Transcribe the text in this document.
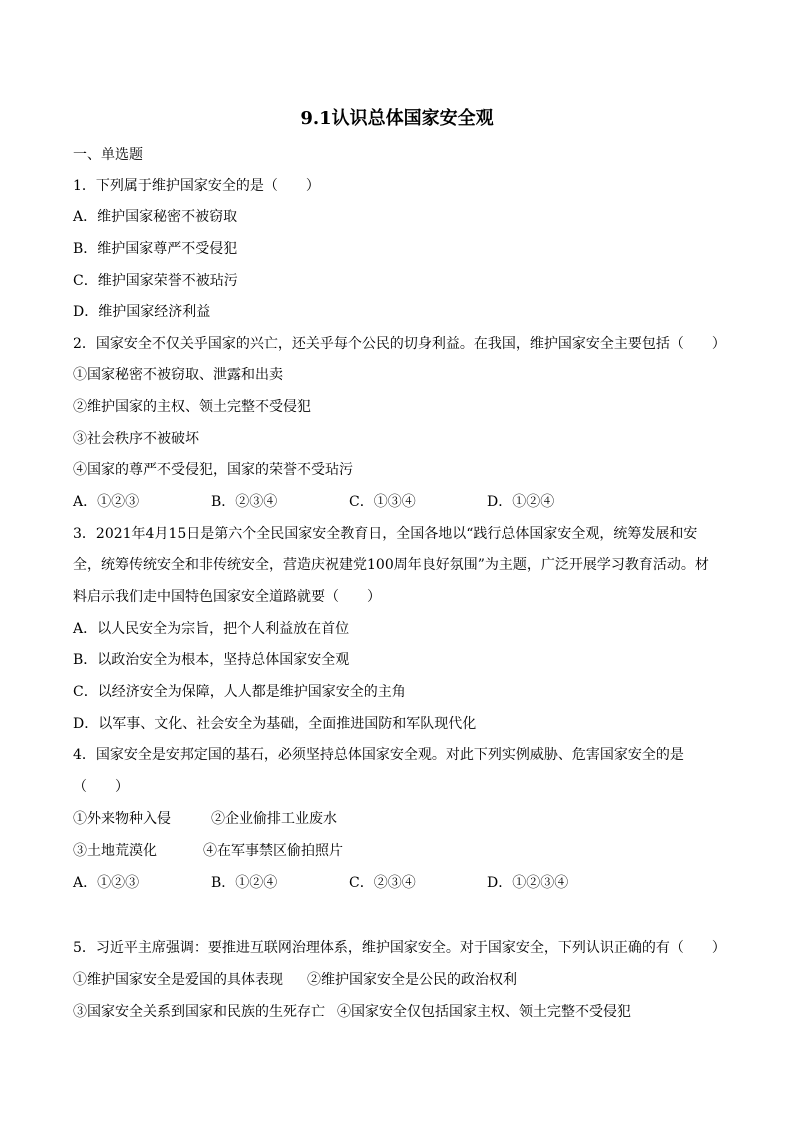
9.1认识总体国家安全观
一、单选题
1．下列属于维护国家安全的是（　　）
A．维护国家秘密不被窃取
B．维护国家尊严不受侵犯
C．维护国家荣誉不被玷污
D．维护国家经济利益
2．国家安全不仅关乎国家的兴亡，还关乎每个公民的切身利益。在我国，维护国家安全主要包括（　　）
①国家秘密不被窃取、泄露和出卖
②维护国家的主权、领土完整不受侵犯
③社会秩序不被破坏
④国家的尊严不受侵犯，国家的荣誉不受玷污
A．①②③	B．②③④	C．①③④	D．①②④
3．2021年4月15日是第六个全民国家安全教育日，全国各地以“践行总体国家安全观，统筹发展和安
全，统筹传统安全和非传统安全，营造庆祝建党100周年良好氛围”为主题，广泛开展学习教育活动。材
料启示我们走中国特色国家安全道路就要（　　）
A．以人民安全为宗旨，把个人利益放在首位
B．以政治安全为根本，坚持总体国家安全观
C．以经济安全为保障，人人都是维护国家安全的主角
D．以军事、文化、社会安全为基础，全面推进国防和军队现代化
4．国家安全是安邦定国的基石，必须坚持总体国家安全观。对此下列实例威胁、危害国家安全的是
（　　）
①外来物种入侵	②企业偷排工业废水
③土地荒漠化	④在军事禁区偷拍照片
A．①②③	B．①②④	C．②③④	D．①②③④
5．习近平主席强调：要推进互联网治理体系，维护国家安全。对于国家安全，下列认识正确的有（　　）
①维护国家安全是爱国的具体表现 ②维护国家安全是公民的政治权利
③国家安全关系到国家和民族的生死存亡 ④国家安全仅包括国家主权、领土完整不受侵犯
